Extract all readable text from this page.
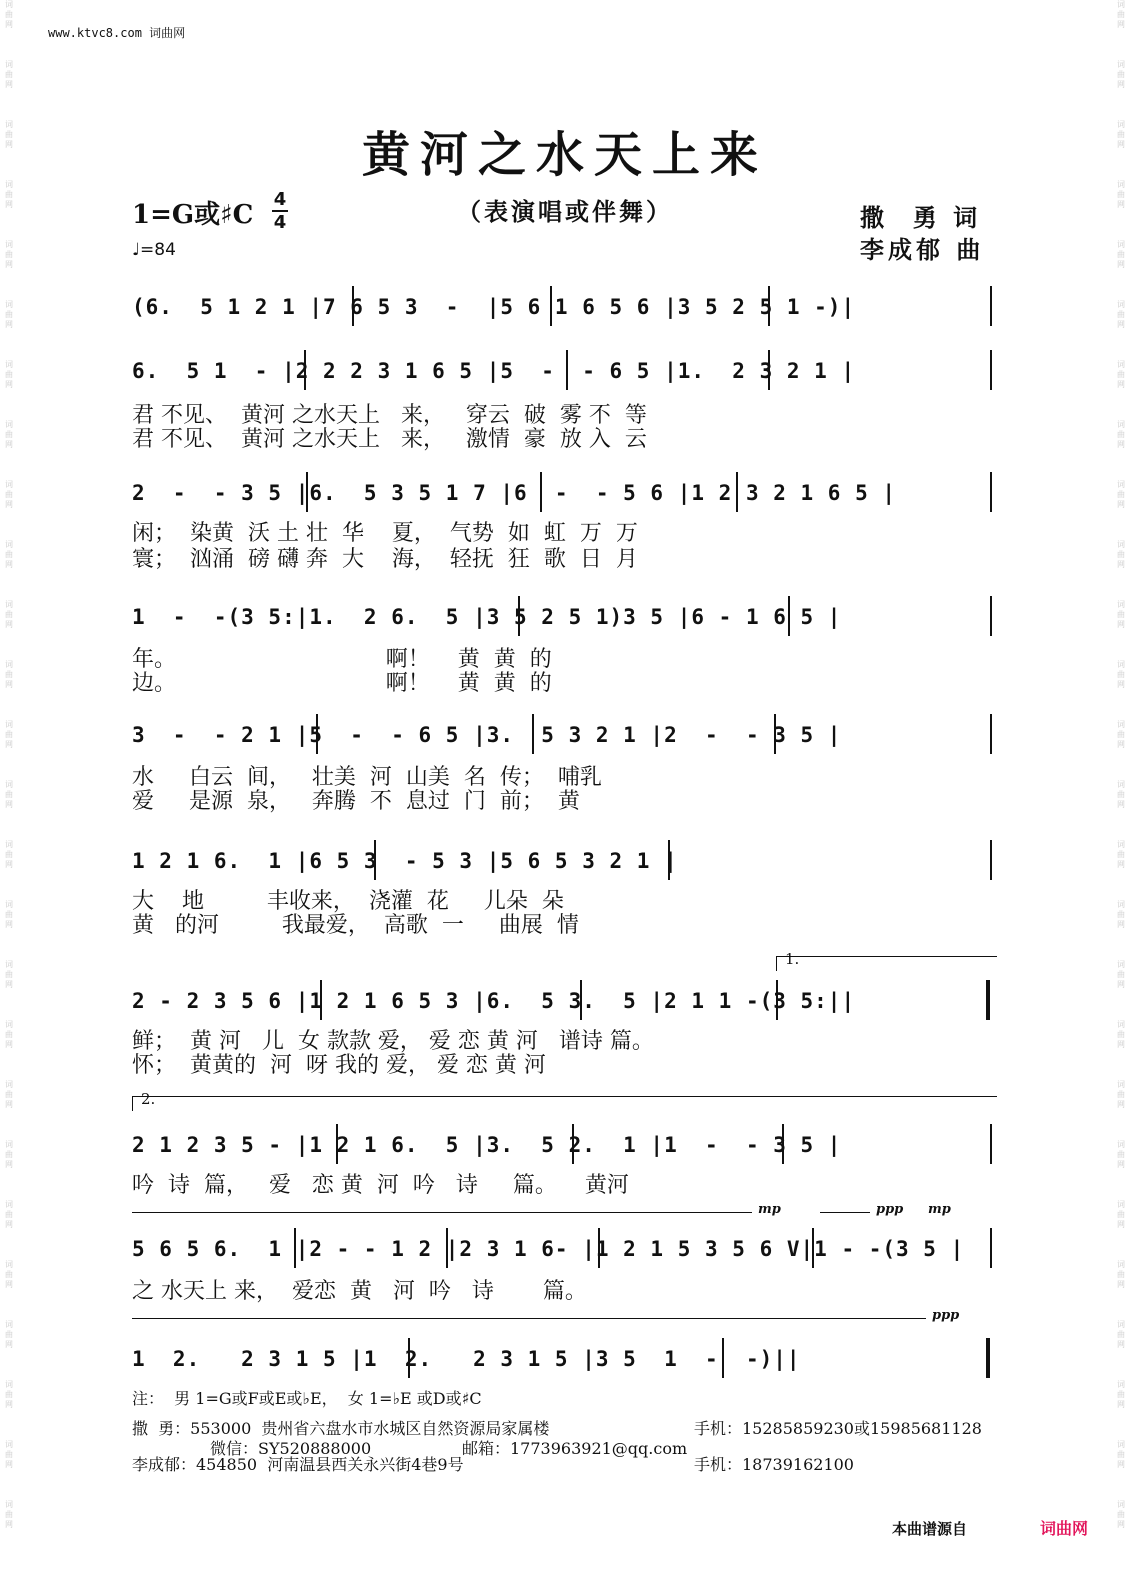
词
曲
网
词
曲
网
词
曲
网
词
曲
网
词
曲
网
词
曲
网
词
曲
网
词
曲
网
词
曲
网
词
曲
网
词
曲
网
词
曲
网
词
曲
网
词
曲
网
词
曲
网
词
曲
网
词
曲
网
词
曲
网
词
曲
网
词
曲
网
词
曲
网
词
曲
网
词
曲
网
词
曲
网
词
曲
网
词
曲
网
词
曲
网
词
曲
网
词
曲
网
词
曲
网
词
曲
网
词
曲
网
词
曲
网
词
曲
网
词
曲
网
词
曲
网
词
曲
网
词
曲
网
词
曲
网
词
曲
网
词
曲
网
词
曲
网
词
曲
网
词
曲
网
词
曲
网
词
曲
网
词
曲
网
词
曲
网
词
曲
网
词
曲
网
词
曲
网
词
曲
网
www.ktvc8.com 词曲网
黄河之水天上来
（表演唱或伴舞）
1=G或♯C
4
4
♩=84
撒  勇 词
李成郁 曲
(6.  5 1 2 1 |7 6 5 3  -  |5 6 1 6 5 6 |3 5 2 5 1 -)|
6.  5 1  - |2 2 2 3 1 6 5 |5  -  - 6 5 |1.  2 3 2 1 |
君 不见、  黄河 之水天上   来，   穿云  破  雾 不  等
君 不见、  黄河 之水天上   来，   激情  豪  放 入  云
2  -  - 3 5 |6.  5 3 5 1 7 |6  -  - 5 6 |1 2 3 2 1 6 5 |
闲；  染黄  沃 土 壮  华    夏，  气势  如  虹  万  万
寰；  汹涌  磅 礴 奔  大    海，  轻抚  狂  歌  日  月
1  -  -(3 5:|1.  2 6.  5 |3 5 2 5 1)3 5 |6 - 1 6 5 |
年。                              啊！    黄  黄  的
边。                              啊！    黄  黄  的
3  -  - 2 1 |5  -  - 6 5 |3.  5 3 2 1 |2  -  - 3 5 |
水     白云  间，   壮美  河  山美  名  传；  哺乳
爱     是源  泉，   奔腾  不  息过  门  前；  黄
1 2 1 6.  1 |6 5 3  - 5 3 |5 6 5 3 2 1 |
大    地         丰收来，  浇灌  花     儿朵  朵
黄   的河         我最爱，  高歌  一     曲展  情
1.
2 - 2 3 5 6 |1 2 1 6 5 3 |6.  5 3.  5 |2 1 1 -(3 5:||
鲜；  黄 河   儿  女 款款 爱， 爱 恋 黄 河   谱诗 篇。
怀；  黄黄的  河  呀 我的 爱， 爱 恋 黄 河
2.
2 1 2 3 5 - |1 2 1 6.  5 |3.  5 2.  1 |1  -  - 3 5 |
吟  诗  篇，   爱   恋 黄  河  吟   诗     篇。    黄河
mp	ppp mp
5 6 5 6.  1 |2 - - 1 2 |2 3 1 6- |1 2 1 5 3 5 6 V|1 - -(3 5 |
之 水天上 来，  爱恋  黄   河  吟   诗       篇。
ppp
1  2.   2 3 1 5 |1  2.   2 3 1 5 |3 5  1  -  -)||
注：  男 1=G或F或E或♭E，  女 1=♭E 或D或♯C
撒  勇：553000  贵州省六盘水市水城区自然资源局家属楼	手机：15285859230或15985681128
微信：SY520888000	邮箱：1773963921@qq.com
李成郁：454850  河南温县西关永兴街4巷9号	手机：18739162100
本曲谱源自	词曲网
